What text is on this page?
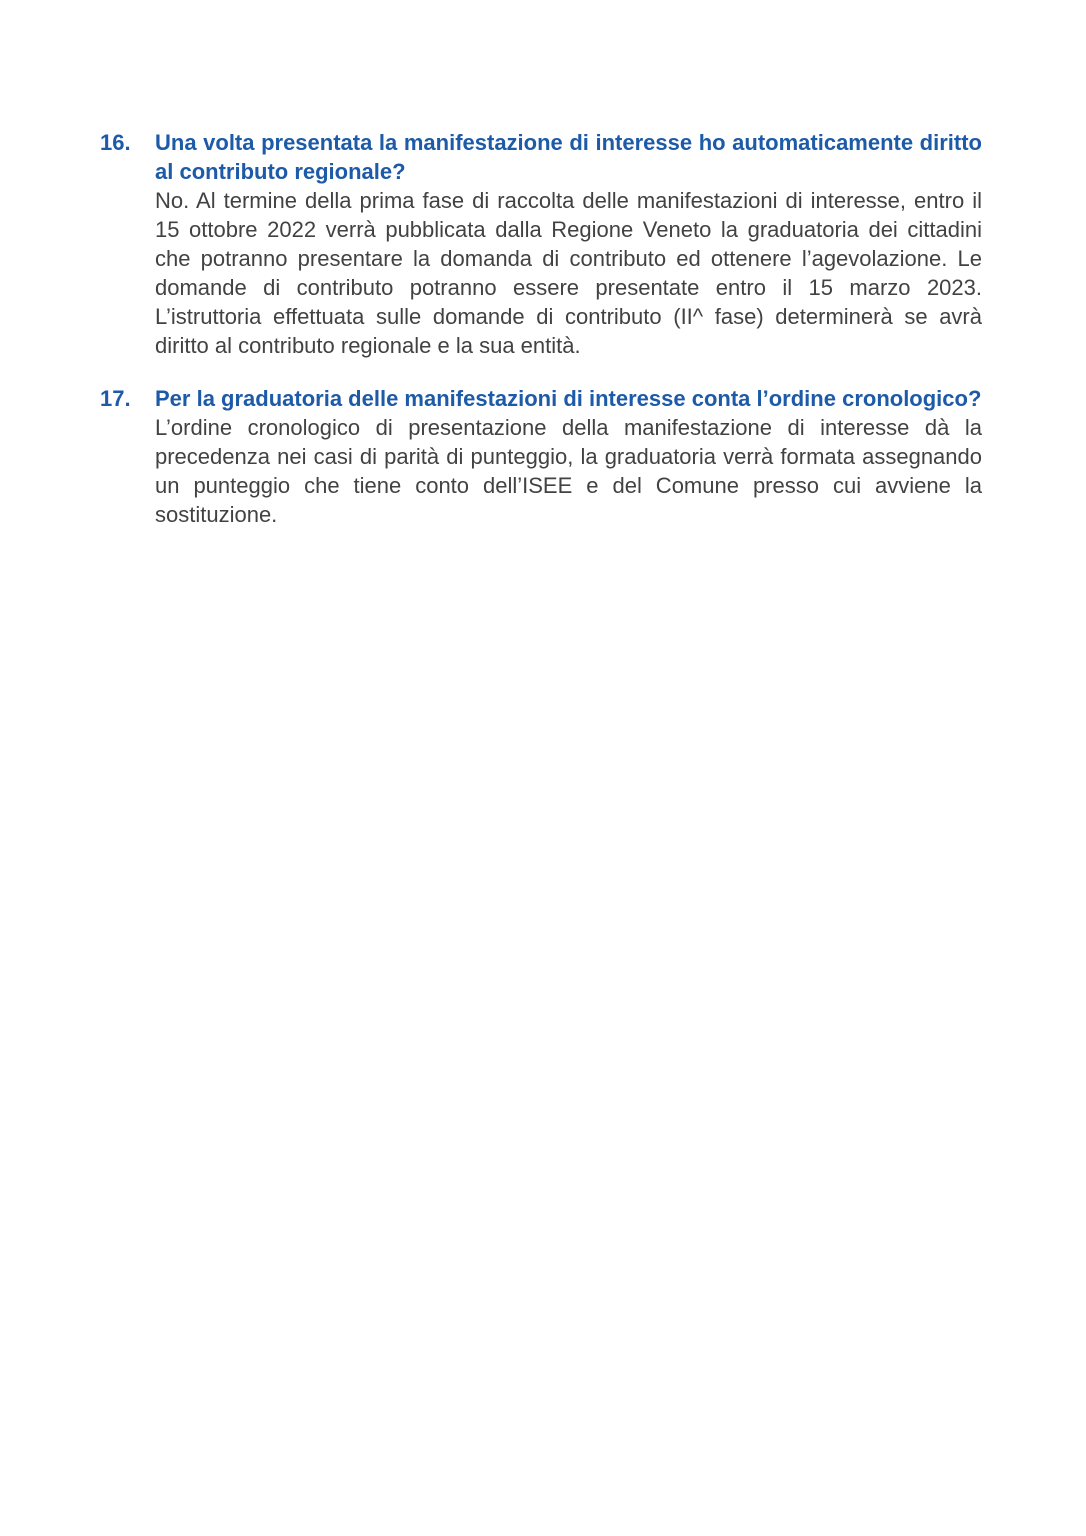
16.	Una volta presentata la manifestazione di interesse ho automaticamente diritto al contributo regionale?

No. Al termine della prima fase di raccolta delle manifestazioni di interesse, entro il 15 ottobre 2022 verrà pubblicata dalla Regione Veneto la graduatoria dei cittadini che potranno presentare la domanda di contributo ed ottenere l’agevolazione. Le domande di contributo potranno essere presentate entro il 15 marzo 2023. L’istruttoria effettuata sulle domande di contributo (II^ fase) determinerà se avrà diritto al contributo regionale e la sua entità.

17.	Per la graduatoria delle manifestazioni di interesse conta l’ordine cronologico?

L’ordine cronologico di presentazione della manifestazione di interesse dà la precedenza nei casi di parità di punteggio, la graduatoria verrà formata assegnando un punteggio che tiene conto dell’ISEE e del Comune presso cui avviene la sostituzione.
